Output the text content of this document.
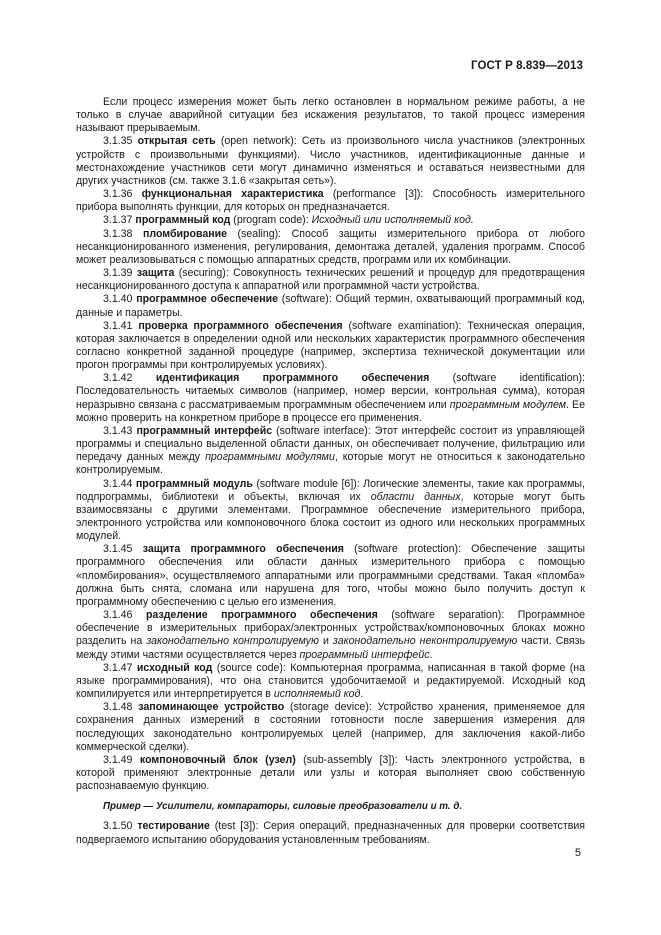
ГОСТ Р 8.839—2013

Если процесс измерения может быть легко остановлен в нормальном режиме работы, а не только в случае аварийной ситуации без искажения результатов, то такой процесс измерения называют прерываемым.

3.1.35 открытая сеть (open network): Сеть из произвольного числа участников (электронных устройств с произвольными функциями). Число участников, идентификационные данные и местонахождение участников сети могут динамично изменяться и оставаться неизвестными для других участников (см. также 3.1.6 «закрытая сеть»).

3.1.36 функциональная характеристика (performance [3]): Способность измерительного прибора выполнять функции, для которых он предназначается.

3.1.37 программный код (program code): Исходный или исполняемый код.

3.1.38 пломбирование (sealing): Способ защиты измерительного прибора от любого несанкционированного изменения, регулирования, демонтажа деталей, удаления программ. Способ может реализовываться с помощью аппаратных средств, программ или их комбинации.

3.1.39 защита (securing): Совокупность технических решений и процедур для предотвращения несанкционированного доступа к аппаратной или программной части устройства.

3.1.40 программное обеспечение (software): Общий термин, охватывающий программный код, данные и параметры.

3.1.41 проверка программного обеспечения (software examination): Техническая операция, которая заключается в определении одной или нескольких характеристик программного обеспечения согласно конкретной заданной процедуре (например, экспертиза технической документации или прогон программы при контролируемых условиях).

3.1.42 идентификация программного обеспечения (software identification): Последовательность читаемых символов (например, номер версии, контрольная сумма), которая неразрывно связана с рассматриваемым программным обеспечением или программным модулем. Ее можно проверить на конкретном приборе в процессе его применения.

3.1.43 программный интерфейс (software interface): Этот интерфейс состоит из управляющей программы и специально выделенной области данных, он обеспечивает получение, фильтрацию или передачу данных между программными модулями, которые могут не относиться к законодательно контролируемым.

3.1.44 программный модуль (software module [6]): Логические элементы, такие как программы, подпрограммы, библиотеки и объекты, включая их области данных, которые могут быть взаимосвязаны с другими элементами. Программное обеспечение измерительного прибора, электронного устройства или компоновочного блока состоит из одного или нескольких программных модулей.

3.1.45 защита программного обеспечения (software protection): Обеспечение защиты программного обеспечения или области данных измерительного прибора с помощью «пломбирования», осуществляемого аппаратными или программными средствами. Такая «пломба» должна быть снята, сломана или нарушена для того, чтобы можно было получить доступ к программному обеспечению с целью его изменения.

3.1.46 разделение программного обеспечения (software separation): Программное обеспечение в измерительных приборах/электронных устройствах/компоновочных блоках можно разделить на законодательно контролируемую и законодательно неконтролируемую части. Связь между этими частями осуществляется через программный интерфейс.

3.1.47 исходный код (source code): Компьютерная программа, написанная в такой форме (на языке программирования), что она становится удобочитаемой и редактируемой. Исходный код компилируется или интерпретируется в исполняемый код.

3.1.48 запоминающее устройство (storage device): Устройство хранения, применяемое для сохранения данных измерений в состоянии готовности после завершения измерения для последующих законодательно контролируемых целей (например, для заключения какой-либо коммерческой сделки).

3.1.49 компоновочный блок (узел) (sub-assembly [3]): Часть электронного устройства, в которой применяют электронные детали или узлы и которая выполняет свою собственную распознаваемую функцию.

Пример — Усилители, компараторы, силовые преобразователи и т. д.

3.1.50 тестирование (test [3]): Серия операций, предназначенных для проверки соответствия подвергаемого испытанию оборудования установленным требованиям.

5
